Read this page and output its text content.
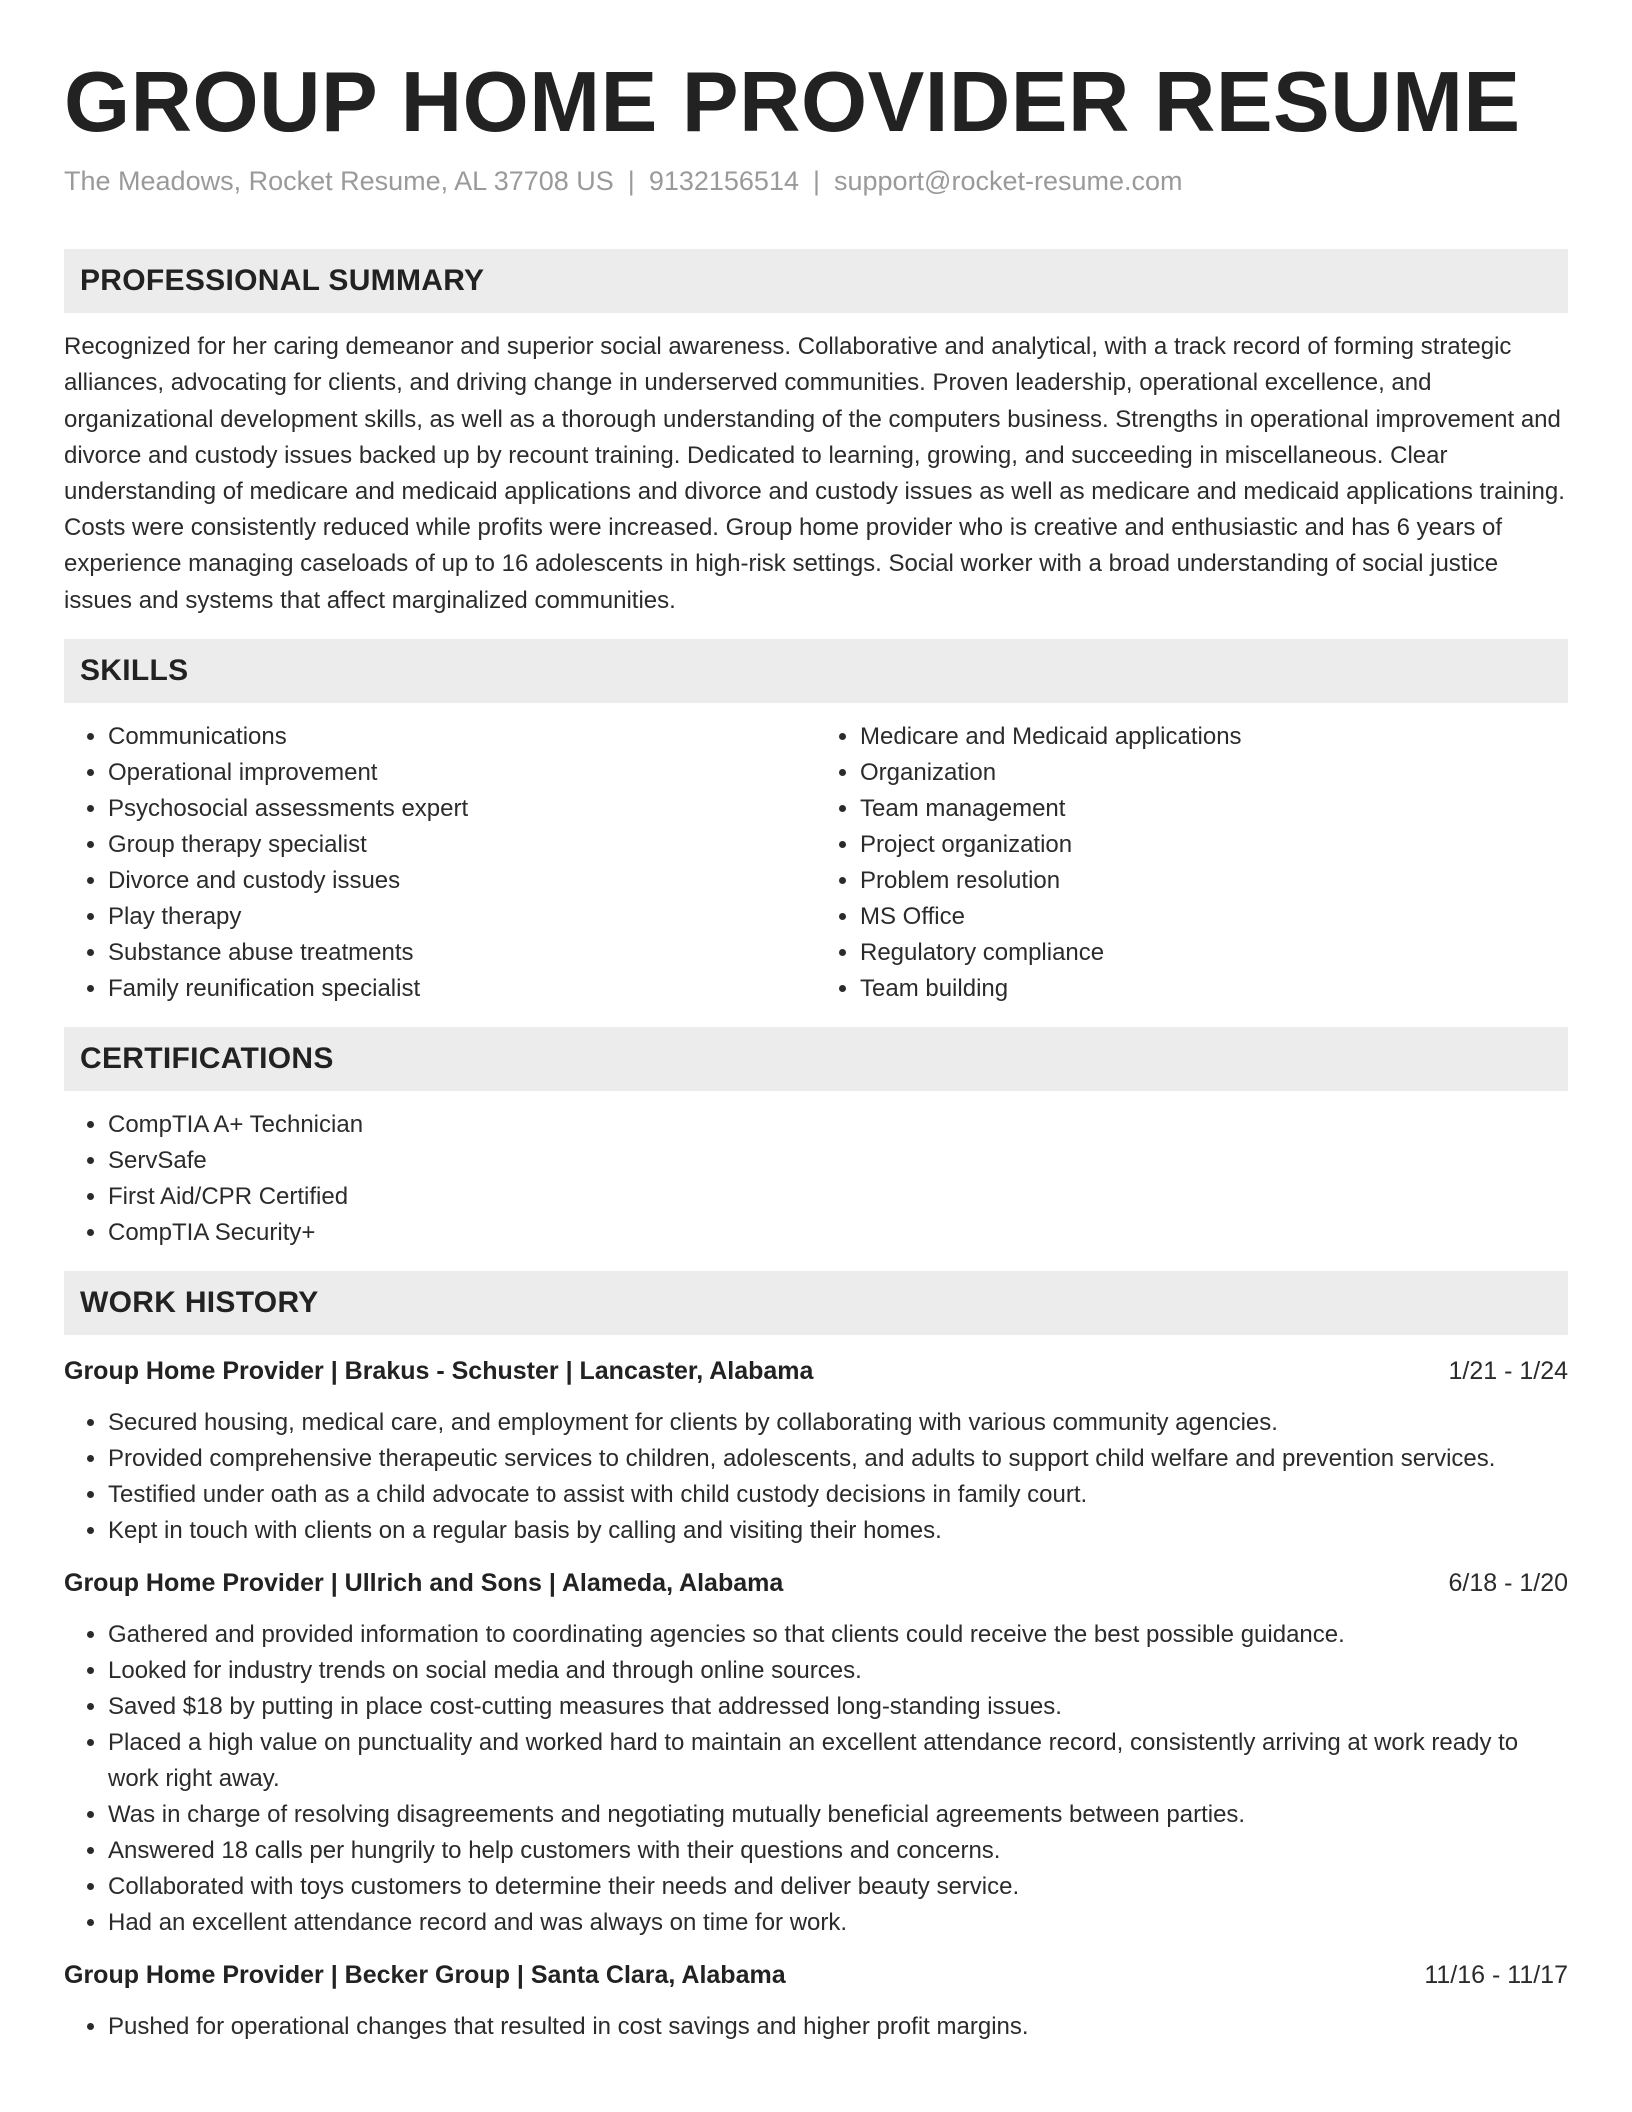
GROUP HOME PROVIDER RESUME
The Meadows, Rocket Resume, AL 37708 US | 9132156514 | support@rocket-resume.com
PROFESSIONAL SUMMARY

Recognized for her caring demeanor and superior social awareness. Collaborative and analytical, with a track record of forming strategic alliances, advocating for clients, and driving change in underserved communities. Proven leadership, operational excellence, and organizational development skills, as well as a thorough understanding of the computers business. Strengths in operational improvement and divorce and custody issues backed up by recount training. Dedicated to learning, growing, and succeeding in miscellaneous. Clear understanding of medicare and medicaid applications and divorce and custody issues as well as medicare and medicaid applications training. Costs were consistently reduced while profits were increased. Group home provider who is creative and enthusiastic and has 6 years of experience managing caseloads of up to 16 adolescents in high-risk settings. Social worker with a broad understanding of social justice issues and systems that affect marginalized communities.

SKILLS
• Communications
• Operational improvement
• Psychosocial assessments expert
• Group therapy specialist
• Divorce and custody issues
• Play therapy
• Substance abuse treatments
• Family reunification specialist
• Medicare and Medicaid applications
• Organization
• Team management
• Project organization
• Problem resolution
• MS Office
• Regulatory compliance
• Team building
CERTIFICATIONS
• CompTIA A+ Technician
• ServSafe
• First Aid/CPR Certified
• CompTIA Security+
WORK HISTORY
Group Home Provider | Brakus - Schuster | Lancaster, Alabama	1/21 - 1/24
• Secured housing, medical care, and employment for clients by collaborating with various community agencies.
• Provided comprehensive therapeutic services to children, adolescents, and adults to support child welfare and prevention services.
• Testified under oath as a child advocate to assist with child custody decisions in family court.
• Kept in touch with clients on a regular basis by calling and visiting their homes.
Group Home Provider | Ullrich and Sons | Alameda, Alabama	6/18 - 1/20
• Gathered and provided information to coordinating agencies so that clients could receive the best possible guidance.
• Looked for industry trends on social media and through online sources.
• Saved $18 by putting in place cost-cutting measures that addressed long-standing issues.
• Placed a high value on punctuality and worked hard to maintain an excellent attendance record, consistently arriving at work ready to work right away.
• Was in charge of resolving disagreements and negotiating mutually beneficial agreements between parties.
• Answered 18 calls per hungrily to help customers with their questions and concerns.
• Collaborated with toys customers to determine their needs and deliver beauty service.
• Had an excellent attendance record and was always on time for work.
Group Home Provider | Becker Group | Santa Clara, Alabama	11/16 - 11/17
• Pushed for operational changes that resulted in cost savings and higher profit margins.
